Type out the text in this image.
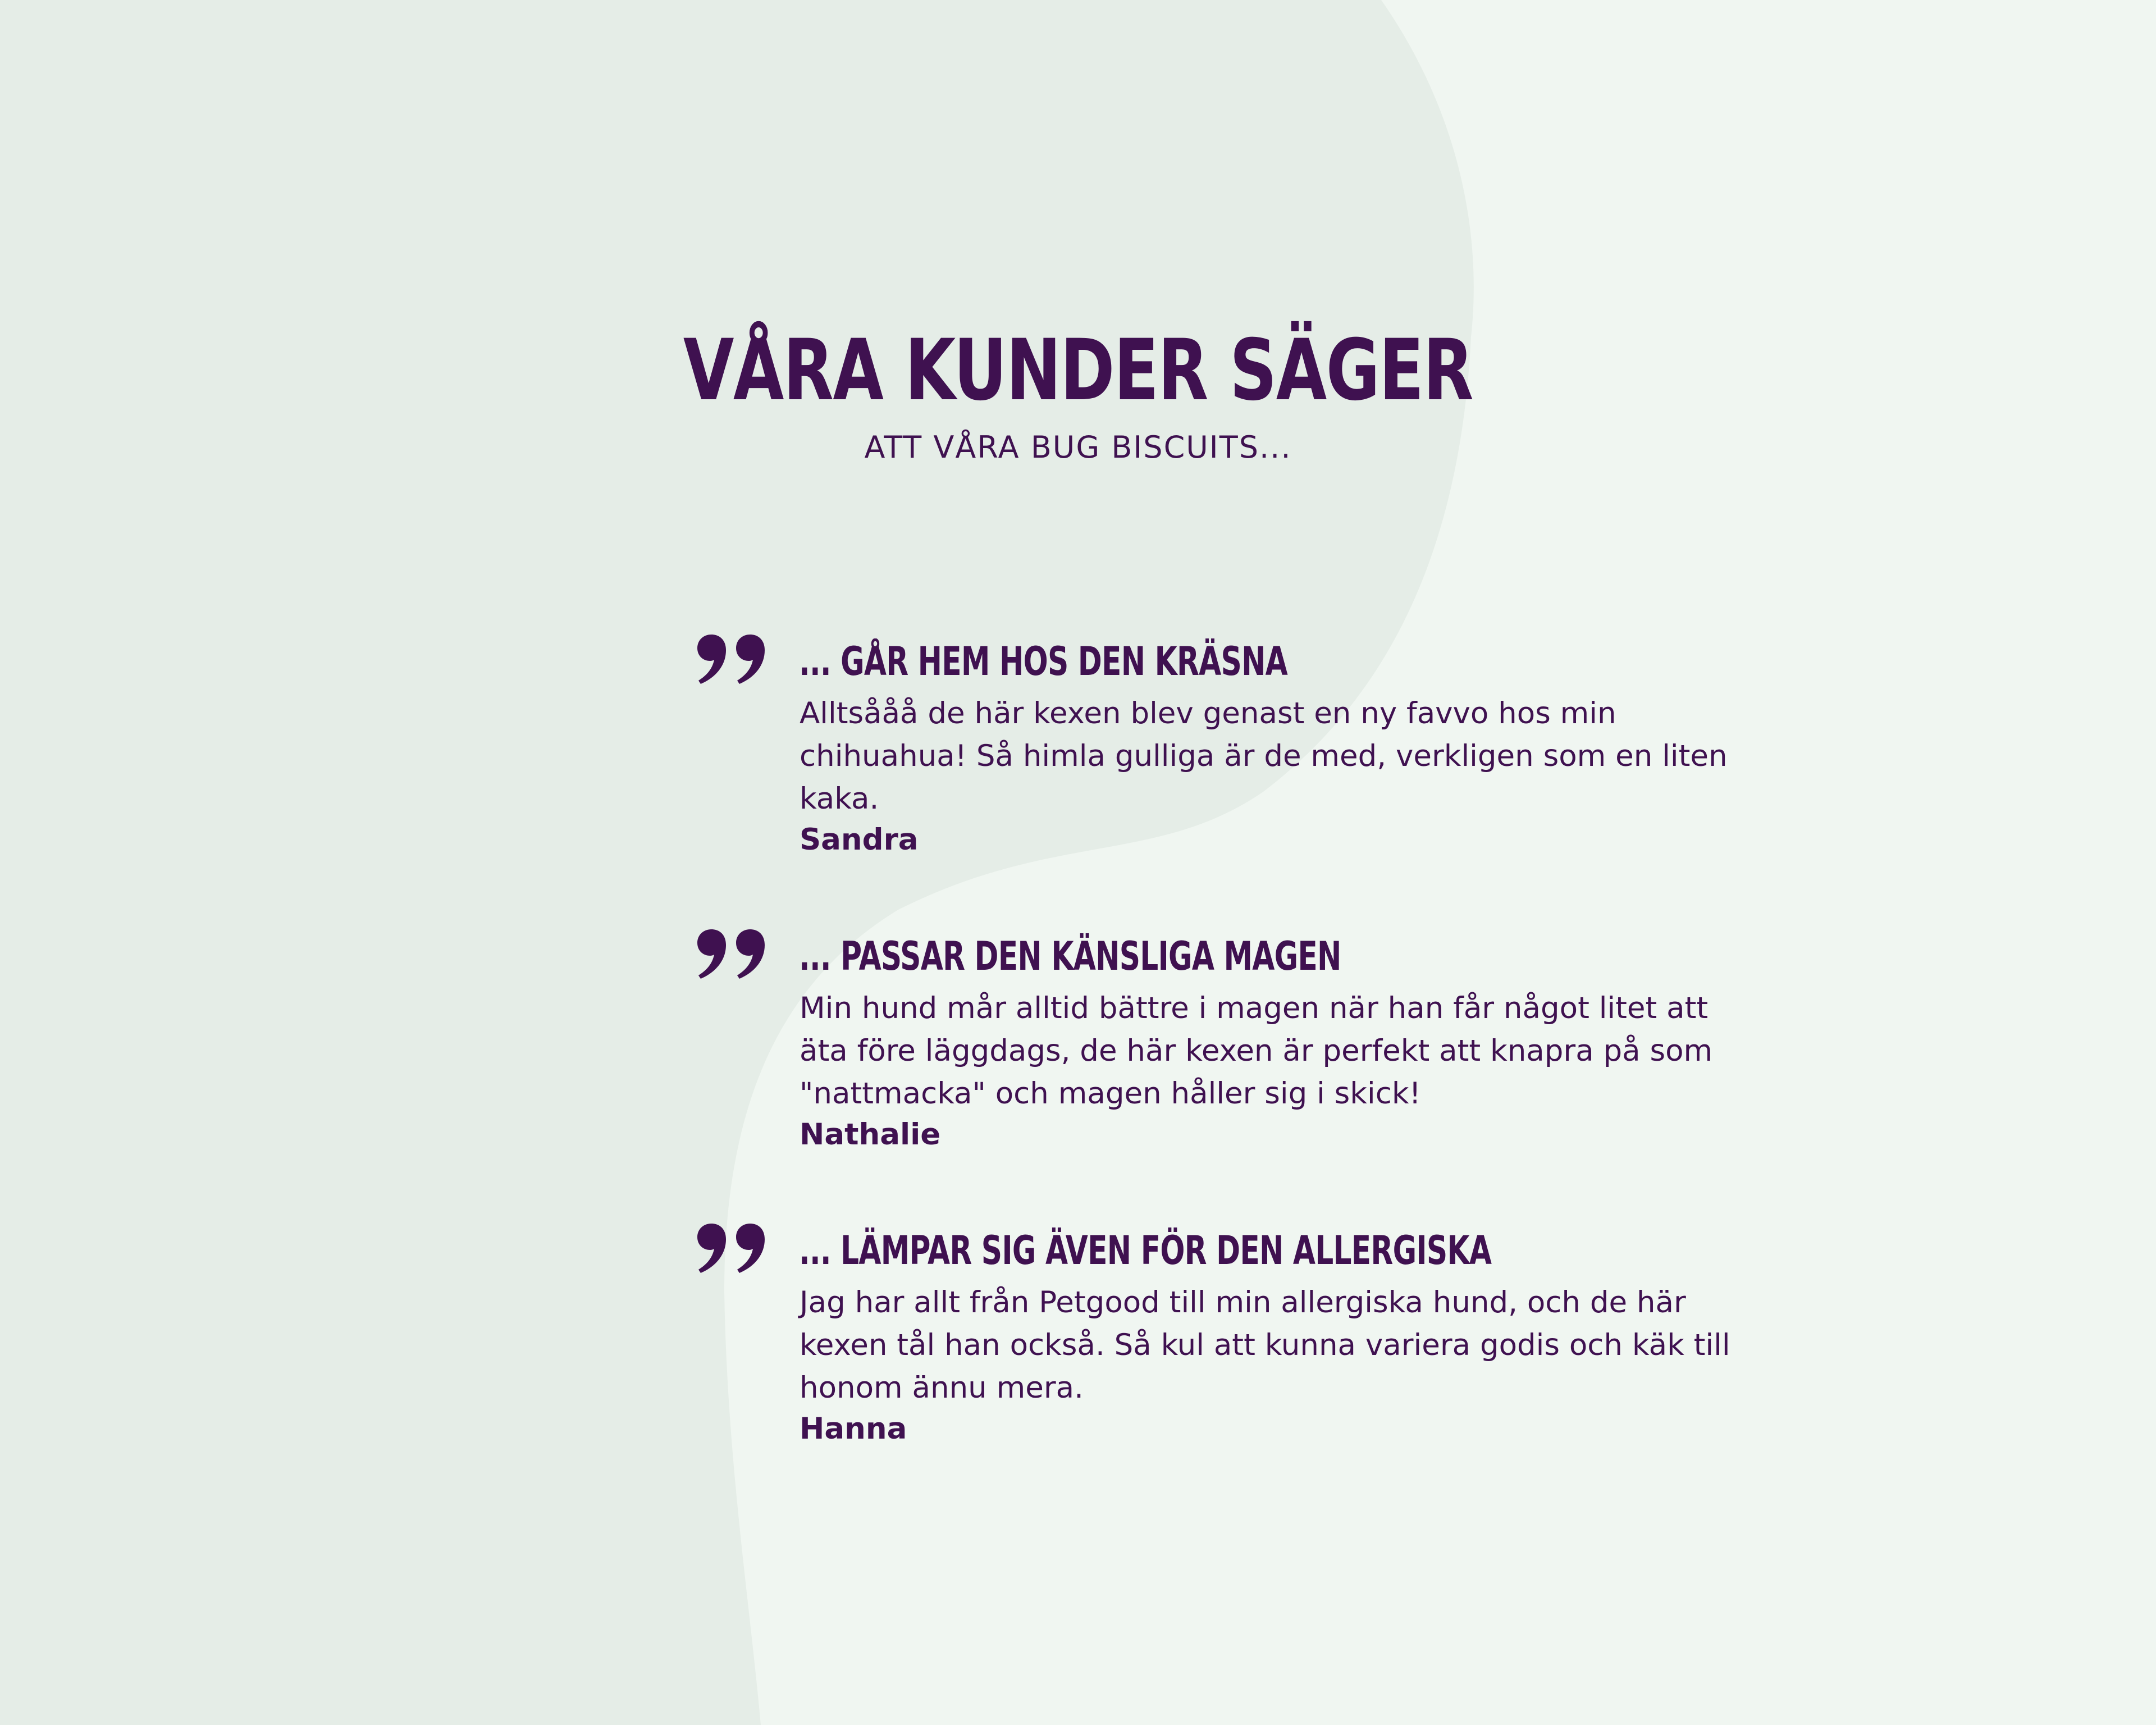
VÅRA KUNDER SÄGER

ATT VÅRA BUG BISCUITS...

... GÅR HEM HOS DEN KRÄSNA

Alltsååå de här kexen blev genast en ny favvo hos min chihuahua! Så himla gulliga är de med, verkligen som en liten kaka.

Sandra

... PASSAR DEN KÄNSLIGA MAGEN

Min hund mår alltid bättre i magen när han får något litet att äta före läggdags, de här kexen är perfekt att knapra på som "nattmacka" och magen håller sig i skick!

Nathalie

... LÄMPAR SIG ÄVEN FÖR DEN ALLERGISKA

Jag har allt från Petgood till min allergiska hund, och de här kexen tål han också. Så kul att kunna variera godis och käk till honom ännu mera.

Hanna
